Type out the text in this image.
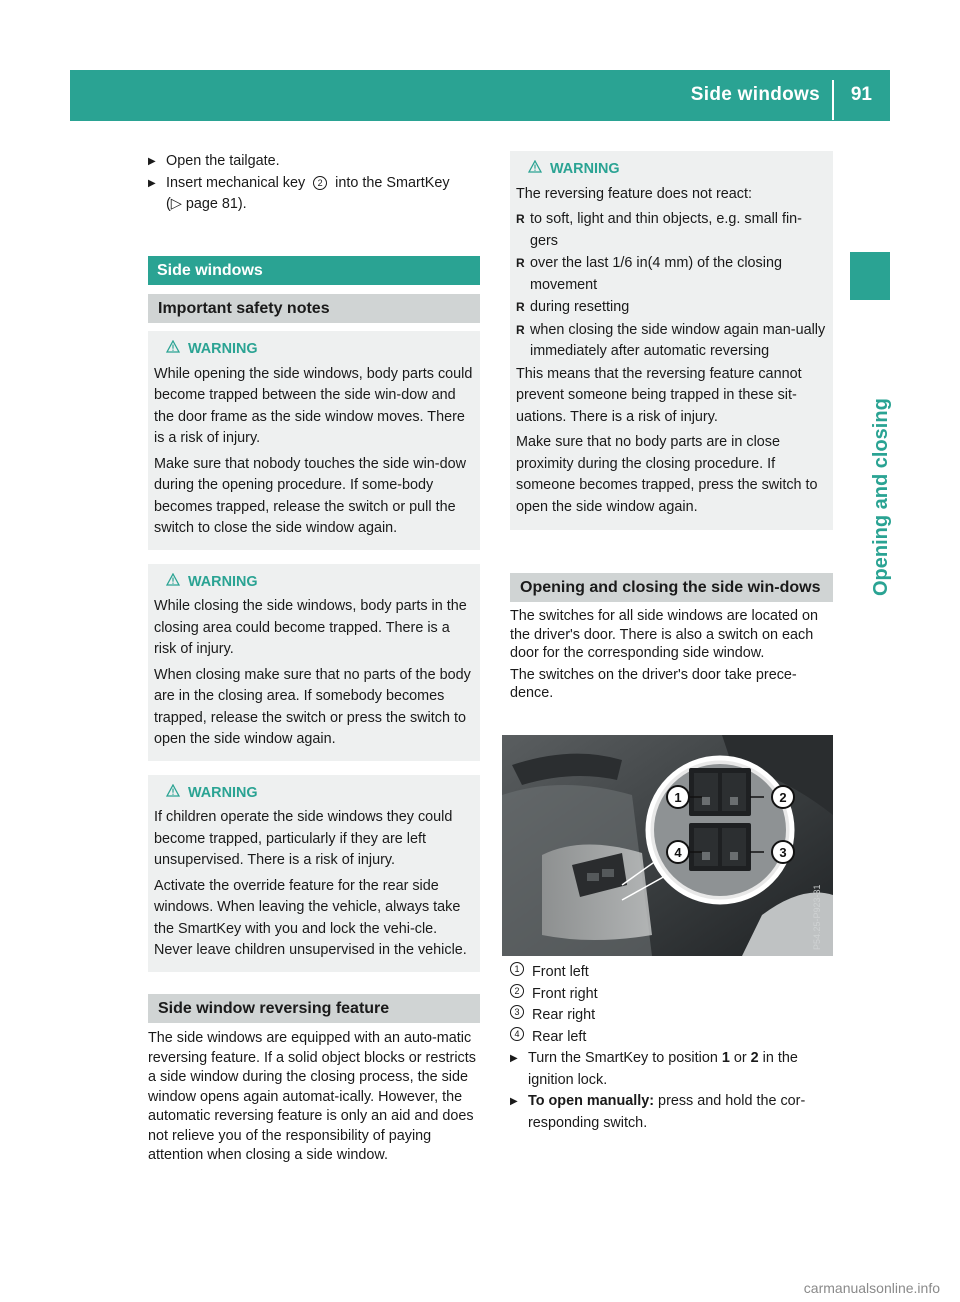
Side windows 91
Opening and closing
▶ Open the tailgate.
▶ Insert mechanical key 2 into the SmartKey
(▷ page 81).
Side windows
Important safety notes
WARNING

While opening the side windows, body parts could become trapped between the side win-dow and the door frame as the side window moves. There is a risk of injury.

Make sure that nobody touches the side win-dow during the opening procedure. If some-body becomes trapped, release the switch or pull the switch to close the side window again.

WARNING

While closing the side windows, body parts in the closing area could become trapped. There is a risk of injury.

When closing make sure that no parts of the body are in the closing area. If somebody becomes trapped, release the switch or press the switch to open the side window again.

WARNING

If children operate the side windows they could become trapped, particularly if they are left unsupervised. There is a risk of injury.

Activate the override feature for the rear side windows. When leaving the vehicle, always take the SmartKey with you and lock the vehi-cle. Never leave children unsupervised in the vehicle.

Side window reversing feature
The side windows are equipped with an auto-matic reversing feature. If a solid object blocks or restricts a side window during the closing process, the side window opens again automat-ically. However, the automatic reversing feature is only an aid and does not relieve you of the responsibility of paying attention when closing a side window.
WARNING

The reversing feature does not react:

R to soft, light and thin objects, e.g. small fin-gers
R over the last 1/6 in(4 mm) of the closing movement
R during resetting
R when closing the side window again man-ually immediately after automatic reversing

This means that the reversing feature cannot prevent someone being trapped in these sit-uations. There is a risk of injury.

Make sure that no body parts are in close proximity during the closing procedure. If someone becomes trapped, press the switch to open the side window again.

Opening and closing the side win-dows
The switches for all side windows are located on the driver's door. There is also a switch on each door for the corresponding side window.
The switches on the driver's door take prece-dence.
1	2
3
4
P54.25-P923-31
1 Front left
2 Front right
3 Rear right
4 Rear left
▶ Turn the SmartKey to position 1 or 2 in the ignition lock.
▶ To open manually: press and hold the cor-responding switch.
carmanualsonline.info
